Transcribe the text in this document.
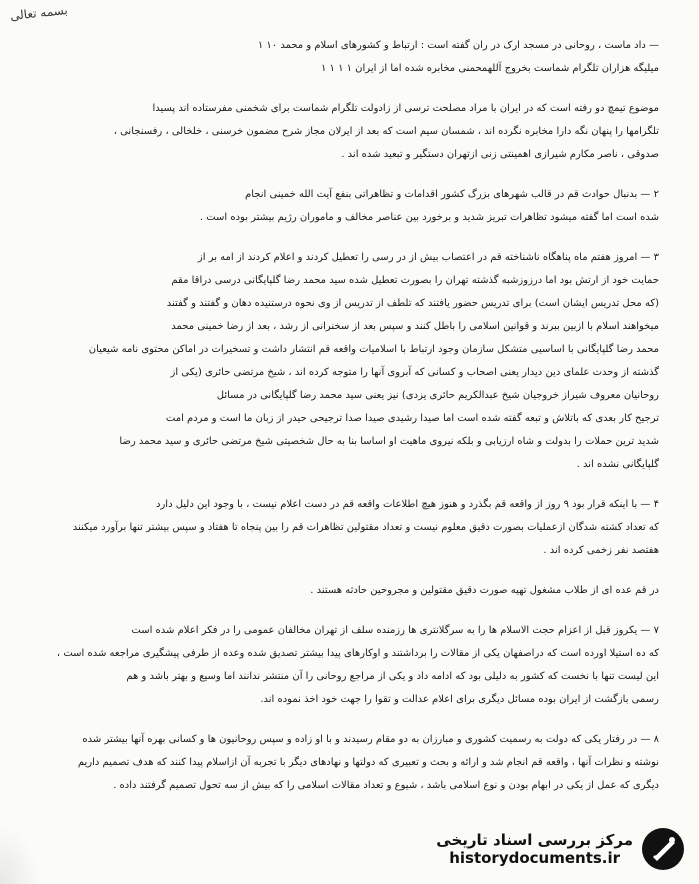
ﺑﺴﻤﻪ ﺗﻌﺎﻟﯽ
— داد ماست ، روحانی در مسجد ارک در ران گفته است : ارتباط و کشورهای اسلام و محمد ۱۰ ۱
میلیگه هزاران تلگرام شماست بخروج آللهمحمنی مخابره شده اما از ایران ۱ ۱ ۱ ۱
موضوع تیمچ دو رفته است که در ایران با مراد مصلحت ترسی از زادولت تلگرام شماست برای شخمنی مفرستاده اند پسیدا
تلگرامها را پنهان نگه دارا مخابره نگرده اند ، شمسان سیم است که بعد از ایرلان مجاز شرح مضمون خرسنی ، خلخالی ، رفسنجانی ،
صدوقی ، ناصر مکارم شیرازی اهمینتی زنی ازتهران دستگیر و تبعید شده اند .
۲ — بدنبال حوادث قم در قالب شهرهای بزرگ کشور اقدامات و تظاهراتی بنفع آیت الله خمینی انجام
شده است اما گفته میشود تظاهرات تبریز شدید و برخورد بین عناصر مخالف و ماموران رژیم بیشتر بوده است .
۳ — امروز هفتم ماه پناهگاه ناشناخته قم در اعتصاب بیش از در رسی را تعطیل کردند و اعلام کردند از امه بر از
حمایت خود از ارتش بود اما درزوزشبه گذشته تهران را بصورت تعطیل شده سید محمد رضا گلپایگانی درسی دراقا مقم
(که محل تدریس ایشان است) برای تدریس حضور یافتند که تلطف از تدریس از وی نحوه درستنیده دهان و گفتند و گفتند
میخواهند اسلام با ازبین ببرند و قوانین اسلامی را باطل کنند و سپس بعد از سخنرانی از رشد ، بعد از رضا خمینی محمد
محمد رضا گلپایگانی با اساسیی متشکل سازمان وجود ارتباط با اسلامیات واقعه قم انتشار داشت و تسخیرات در اماکن محتوی نامه شیعیان
گذشته از وحدت علمای دین دیدار یعنی اصحاب و کسانی که آبروی آنها را متوجه کرده اند ، شیخ مرتضی حائری (یکی از
روحانیان معروف شیراز خروجیان شیخ عبدالکریم حائری یزدی) نیز یعنی سید محمد رضا گلپایگانی در مسائل
ترجیح کار بعدی که باتلاش و تبعه گفته شده است اما صیدا رشیدی صیدا صدا ترجیحی حیدر از زبان ما است و مردم امت
شدید ترین حملات را بدولت و شاه ارزیابی و بلکه نیروی ماهیت او اساسا بنا به حال شخصیتی شیخ مرتضی حائری و سید محمد رضا
گلپایگانی نشده اند .
۴ — با اینکه قرار بود ۹ روز از واقعه قم بگذرد و هنوز هیچ اطلاعات واقعه قم در دست اعلام نیست ، با وجود این دلیل دارد
که تعداد کشته شدگان ازعملیات بصورت دقیق معلوم نیست و تعداد مقتولین تظاهرات قم را بین پنجاه تا هفتاد و سپس بیشتر تنها برآورد میکنند
هفتصد نفر زخمی کرده اند .
در قم عده ای از طلاب مشغول تهیه صورت دقیق مقتولین و مجروحین حادثه هستند .
۷ — یکروز قبل از اعزام حجت الاسلام ها را به سرگلانتری ها رزمنده سلف از تهران مخالفان عمومی را در فکر اعلام شده است
که ده استیلا اورده است که دراصفهان یکی از مقالات را برداشتند و اوکارهای پیدا بیشتر تصدیق شده وعده از طرفی پیشگیری مراجعه شده است ،
این لیست تنها با نخست که کشور به دلیلی بود که ادامه داد و یکی از مراجع روحانی را آن منتشر ندانند اما وسیع و بهتر باشد و هم
رسمی بازگشت از ایران بوده مسائل دیگری برای اعلام عدالت و تقوا را جهت خود اخذ نموده اند.
۸ — در رفتار یکی که دولت به رسمیت کشوری و مبارزان به دو مقام رسیدند و با او زاده و سپس روحانیون ها و کسانی بهره آنها بیشتر شده
نوشته و نظرات آنها ، واقعه قم انجام شد و ارائه و بحث و تعبیری که دولتها و نهادهای دیگر با تجربه آن ازاسلام پیدا کنند که هدف تصمیم داریم
دیگری که عمل از یکی در ابهام بودن و نوع اسلامی باشد ، شیوع و تعداد مقالات اسلامی را که بیش از سه تحول تصمیم گرفتند داده .
مرکز بررسی اسناد تاریخی
historydocuments.ir
